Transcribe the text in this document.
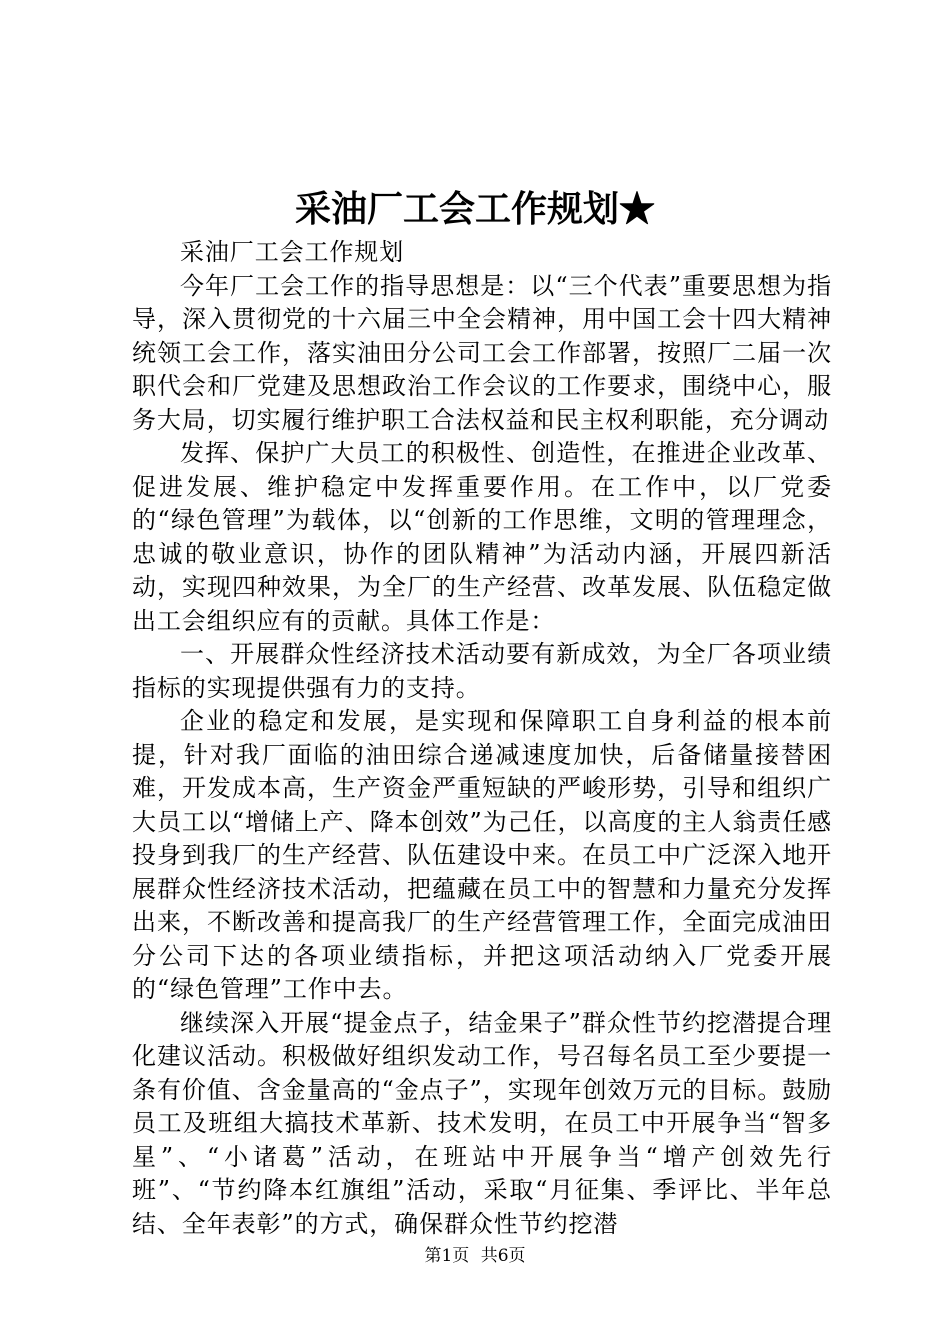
采油厂工会工作规划★

采油厂工会工作规划

今年厂工会工作的指导思想是：以“三个代表”重要思想为指导，深入贯彻党的十六届三中全会精神，用中国工会十四大精神统领工会工作，落实油田分公司工会工作部署，按照厂二届一次职代会和厂党建及思想政治工作会议的工作要求，围绕中心，服务大局，切实履行维护职工合法权益和民主权利职能，充分调动

发挥、保护广大员工的积极性、创造性，在推进企业改革、促进发展、维护稳定中发挥重要作用。在工作中，以厂党委的“绿色管理”为载体，以“创新的工作思维，文明的管理理念，忠诚的敬业意识，协作的团队精神”为活动内涵，开展四新活动，实现四种效果，为全厂的生产经营、改革发展、队伍稳定做出工会组织应有的贡献。具体工作是：

一、开展群众性经济技术活动要有新成效，为全厂各项业绩指标的实现提供强有力的支持。

企业的稳定和发展，是实现和保障职工自身利益的根本前提，针对我厂面临的油田综合递减速度加快，后备储量接替困难，开发成本高，生产资金严重短缺的严峻形势，引导和组织广大员工以“增储上产、降本创效”为己任，以高度的主人翁责任感投身到我厂的生产经营、队伍建设中来。在员工中广泛深入地开展群众性经济技术活动，把蕴藏在员工中的智慧和力量充分发挥出来，不断改善和提高我厂的生产经营管理工作，全面完成油田分公司下达的各项业绩指标，并把这项活动纳入厂党委开展的“绿色管理”工作中去。

继续深入开展“提金点子，结金果子”群众性节约挖潜提合理化建议活动。积极做好组织发动工作，号召每名员工至少要提一条有价值、含金量高的“金点子”，实现年创效万元的目标。鼓励员工及班组大搞技术革新、技术发明，在员工中开展争当“智多星”、“小诸葛”活动，在班站中开展争当“增产创效先行班”、“节约降本红旗组”活动，采取“月征集、季评比、半年总结、全年表彰”的方式，确保群众性节约挖潜

第1页 共6页
